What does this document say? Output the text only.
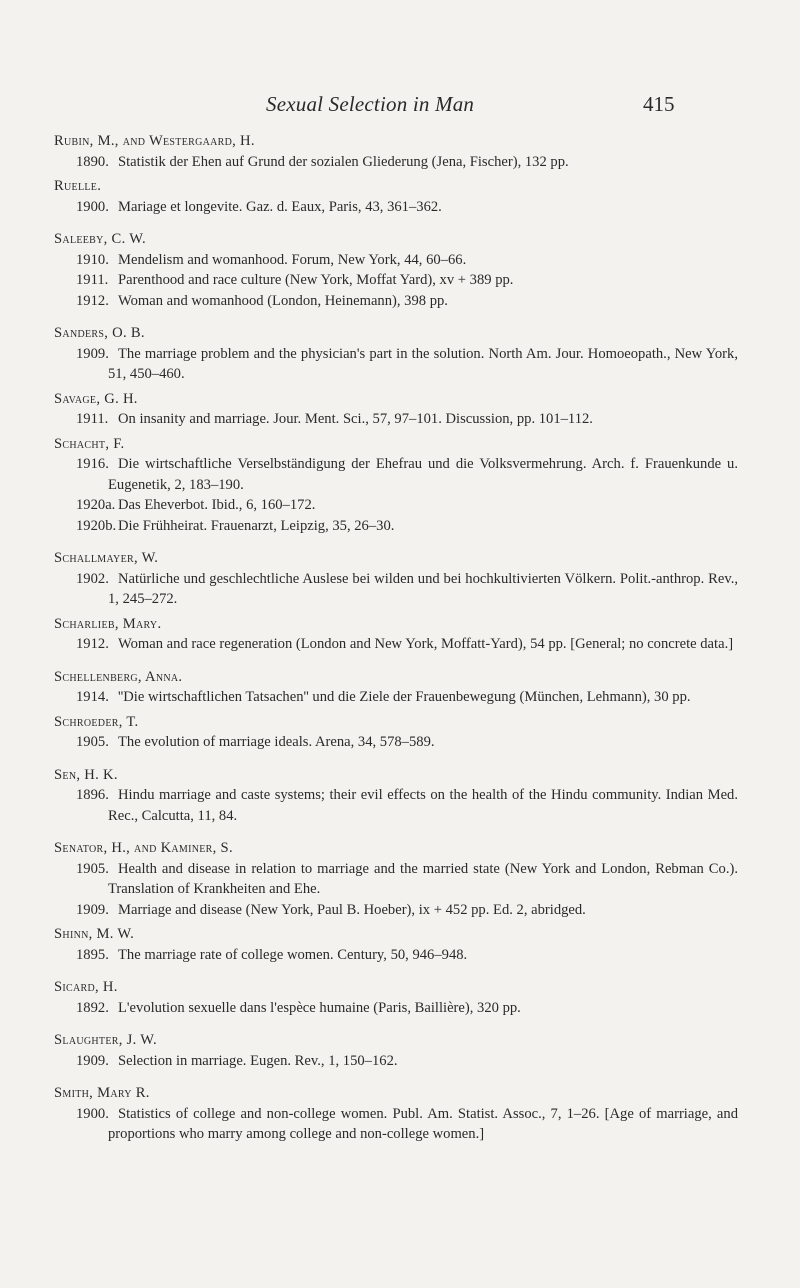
Sexual Selection in Man	415
Rubin, M., and Westergaard, H.
1890. Statistik der Ehen auf Grund der sozialen Gliederung (Jena, Fischer), 132 pp.
Ruelle.
1900. Mariage et longevite. Gaz. d. Eaux, Paris, 43, 361–362.
Saleeby, C. W.
1910. Mendelism and womanhood. Forum, New York, 44, 60–66.
1911. Parenthood and race culture (New York, Moffat Yard), xv + 389 pp.
1912. Woman and womanhood (London, Heinemann), 398 pp.
Sanders, O. B.
1909. The marriage problem and the physician's part in the solution. North Am. Jour. Homoeopath., New York, 51, 450–460.
Savage, G. H.
1911. On insanity and marriage. Jour. Ment. Sci., 57, 97–101. Discussion, pp. 101–112.
Schacht, F.
1916. Die wirtschaftliche Verselbständigung der Ehefrau und die Volksvermehrung. Arch. f. Frauenkunde u. Eugenetik, 2, 183–190.
1920a. Das Eheverbot. Ibid., 6, 160–172.
1920b. Die Frühheirat. Frauenarzt, Leipzig, 35, 26–30.
Schallmayer, W.
1902. Natürliche und geschlechtliche Auslese bei wilden und bei hochkultivierten Völkern. Polit.-anthrop. Rev., 1, 245–272.
Scharlieb, Mary.
1912. Woman and race regeneration (London and New York, Moffatt-Yard), 54 pp. [General; no concrete data.]
Schellenberg, Anna.
1914. ''Die wirtschaftlichen Tatsachen'' und die Ziele der Frauenbewegung (München, Lehmann), 30 pp.
Schroeder, T.
1905. The evolution of marriage ideals. Arena, 34, 578–589.
Sen, H. K.
1896. Hindu marriage and caste systems; their evil effects on the health of the Hindu community. Indian Med. Rec., Calcutta, 11, 84.
Senator, H., and Kaminer, S.
1905. Health and disease in relation to marriage and the married state (New York and London, Rebman Co.). Translation of Krankheiten and Ehe.
1909. Marriage and disease (New York, Paul B. Hoeber), ix + 452 pp. Ed. 2, abridged.
Shinn, M. W.
1895. The marriage rate of college women. Century, 50, 946–948.
Sicard, H.
1892. L'evolution sexuelle dans l'espèce humaine (Paris, Baillière), 320 pp.
Slaughter, J. W.
1909. Selection in marriage. Eugen. Rev., 1, 150–162.
Smith, Mary R.
1900. Statistics of college and non-college women. Publ. Am. Statist. Assoc., 7, 1–26. [Age of marriage, and proportions who marry among college and non-college women.]
